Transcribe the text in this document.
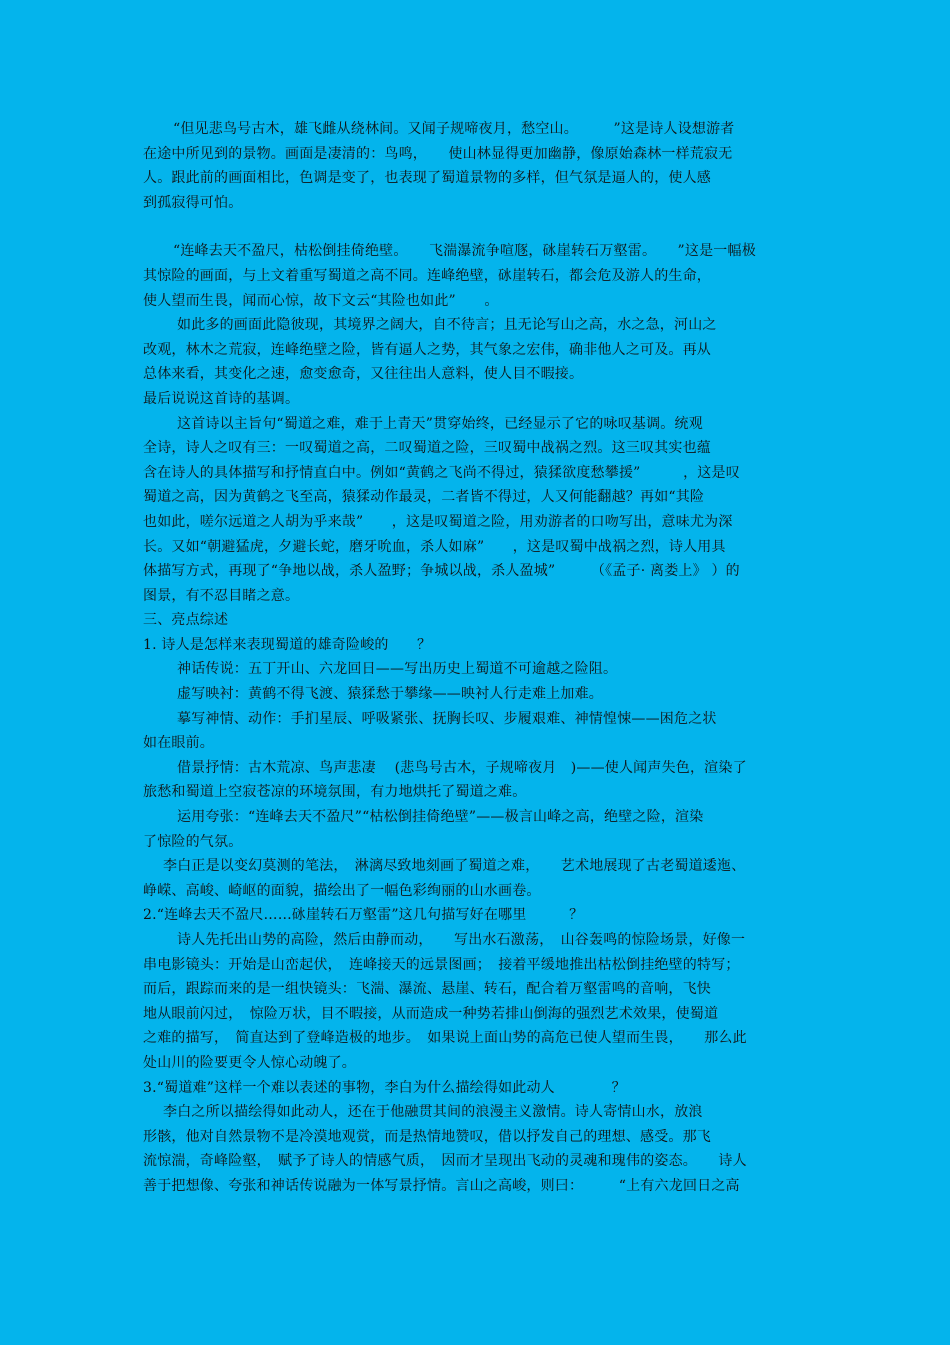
“但见悲鸟号古木，雄飞雌从绕林间。又闻子规啼夜月，愁空山。　　　”这是诗人设想游者
在途中所见到的景物。画面是凄清的：鸟鸣，　　使山林显得更加幽静，像原始森林一样荒寂无
人。跟此前的画面相比，色调是变了，也表现了蜀道景物的多样，但气氛是逼人的，使人感
到孤寂得可怕。
“连峰去天不盈尺，枯松倒挂倚绝壁。　　飞湍瀑流争喧豗，砯崖转石万壑雷。　　”这是一幅极
其惊险的画面，与上文着重写蜀道之高不同。连峰绝壁，砯崖转石，都会危及游人的生命，
使人望而生畏，闻而心惊，故下文云“其险也如此”　　。
如此多的画面此隐彼现，其境界之阔大，自不待言；且无论写山之高，水之急，河山之
改观，林木之荒寂，连峰绝壁之险，皆有逼人之势，其气象之宏伟，确非他人之可及。再从
总体来看，其变化之速，愈变愈奇，又往往出人意料，使人目不暇接。
最后说说这首诗的基调。
这首诗以主旨句“蜀道之难，难于上青天”贯穿始终，已经显示了它的咏叹基调。统观
全诗，诗人之叹有三：一叹蜀道之高，二叹蜀道之险，三叹蜀中战祸之烈。这三叹其实也蕴
含在诗人的具体描写和抒情直白中。例如“黄鹤之飞尚不得过，猿猱欲度愁攀援”　　　，这是叹
蜀道之高，因为黄鹤之飞至高，猿猱动作最灵，二者皆不得过，人又何能翻越？再如“其险
也如此，嗟尔远道之人胡为乎来哉”　　，这是叹蜀道之险，用劝游者的口吻写出，意味尤为深
长。又如“朝避猛虎，夕避长蛇，磨牙吮血，杀人如麻”　　，这是叹蜀中战祸之烈，诗人用具
体描写方式，再现了“争地以战，杀人盈野；争城以战，杀人盈城”　　　（《孟子· 离娄上》 ）的
图景，有不忍目睹之意。
三、亮点综述
1. 诗人是怎样来表现蜀道的雄奇险峻的　　？
神话传说：五丁开山、六龙回日——写出历史上蜀道不可逾越之险阻。
虚写映衬：黄鹤不得飞渡、猿猱愁于攀缘——映衬人行走难上加难。
摹写神情、动作：手扪星辰、呼吸紧张、抚胸长叹、步履艰难、神情惶悚——困危之状
如在眼前。
借景抒情：古木荒凉、鸟声悲凄　 (悲鸟号古木，子规啼夜月　)——使人闻声失色，渲染了
旅愁和蜀道上空寂苍凉的环境氛围，有力地烘托了蜀道之难。
运用夸张：“连峰去天不盈尺”“枯松倒挂倚绝壁”——极言山峰之高，绝壁之险，渲染
了惊险的气氛。
李白正是以变幻莫测的笔法，　淋漓尽致地刻画了蜀道之难，　　艺术地展现了古老蜀道逶迤、
峥嵘、高峻、崎岖的面貌，描绘出了一幅色彩绚丽的山水画卷。
2.“连峰去天不盈尺……砯崖转石万壑雷”这几句描写好在哪里　　　？
诗人先托出山势的高险，然后由静而动，　　写出水石激荡，　山谷轰鸣的惊险场景，好像一
串电影镜头：开始是山峦起伏，　连峰接天的远景图画；　接着平缓地推出枯松倒挂绝壁的特写；
而后，跟踪而来的是一组快镜头：飞湍、瀑流、悬崖、转石，配合着万壑雷鸣的音响，飞快
地从眼前闪过，　惊险万状，目不暇接，从而造成一种势若排山倒海的强烈艺术效果，使蜀道
之难的描写，　简直达到了登峰造极的地步。　如果说上面山势的高危已使人望而生畏，　　那么此
处山川的险要更令人惊心动魄了。
3.“蜀道难”这样一个难以表述的事物，李白为什么描绘得如此动人　　　　？
李白之所以描绘得如此动人，还在于他融贯其间的浪漫主义激情。诗人寄情山水，放浪
形骸，他对自然景物不是冷漠地观赏，而是热情地赞叹，借以抒发自己的理想、感受。那飞
流惊湍，奇峰险壑，　赋予了诗人的情感气质，　因而才呈现出飞动的灵魂和瑰伟的姿态。　　诗人
善于把想像、夸张和神话传说融为一体写景抒情。言山之高峻，则曰：　　　“上有六龙回日之高
